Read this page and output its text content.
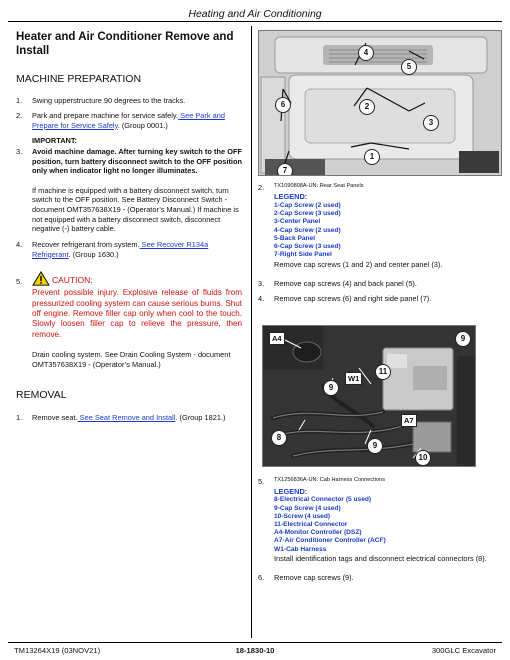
Heating and Air Conditioning
Heater and Air Conditioner Remove and
Install
MACHINE PREPARATION
1.	Swing upperstructure 90 degrees to the tracks.
2.	Park and prepare machine for service safely. See Park and Prepare for Service Safely. (Group 0001.)
IMPORTANT:
3.	Avoid machine damage. After turning key switch to the OFF position, turn battery disconnect switch to the OFF position only when indicator light no longer illuminates.
If machine is equipped with a battery disconnect switch, turn switch to the OFF position. See Battery Disconnect Switch - document OMT357638X19 - (Operator’s Manual.) If machine is not equipped with a battery disconnect switch, disconnect negative (-) battery cable.
4.	Recover refrigerant from system. See Recover R134a Refrigerant. (Group 1630.)
5.	CAUTION:
Prevent possible injury. Explosive release of fluids from pressurized cooling system can cause serious burns. Shut off engine. Remove filler cap only when cool to the touch. Slowly loosen filler cap to relieve the pressure, then remove.
Drain cooling system. See Drain Cooling System - document OMT357638X19 - (Operator’s Manual.)
REMOVAL
1.	Remove seat. See Seat Remove and Install. (Group 1821.)
4
5
6	2
3
1
7
2.	TX1090808A-UN: Rear Seat Panels
LEGEND:
1-Cap Screw (2 used)
2-Cap Screw (3 used)
3-Center Panel
4-Cap Screw (2 used)
5-Back Panel
6-Cap Screw (3 used)
7-Right Side Panel
Remove cap screws (1 and 2) and center panel (3).
3.	Remove cap screws (4) and back panel (5).
4.	Remove cap screws (6) and right side panel (7).
A4	9
11
W1
9
A7
8
9
10
5.	TX1256836A-UN: Cab Harness Connections
LEGEND:
8-Electrical Connector (5 used)
9-Cap Screw (4 used)
10-Screw (4 used)
11-Electrical Connector
A4-Monitor Controller (DSZ)
A7-Air Conditioner Controller (ACF)
W1-Cab Harness
Install identification tags and disconnect electrical connectors (8).
6.	Remove cap screws (9).
TM13264X19 (03NOV21)	18-1830-10	300GLC Excavator
